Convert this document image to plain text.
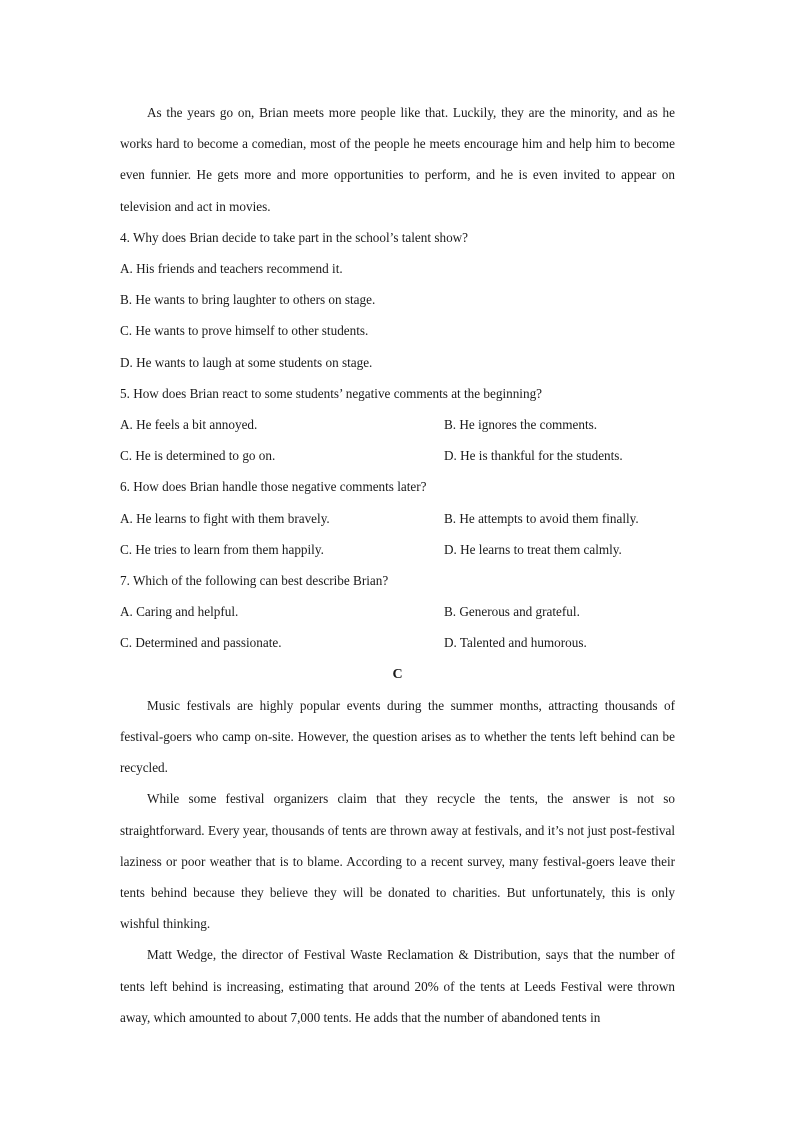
As the years go on, Brian meets more people like that. Luckily, they are the minority, and as he works hard to become a comedian, most of the people he meets encourage him and help him to become even funnier. He gets more and more opportunities to perform, and he is even invited to appear on television and act in movies.

4. Why does Brian decide to take part in the school’s talent show?

A. His friends and teachers recommend it.

B. He wants to bring laughter to others on stage.

C. He wants to prove himself to other students.

D. He wants to laugh at some students on stage.

5. How does Brian react to some students’ negative comments at the beginning?

A. He feels a bit annoyed.	B. He ignores the comments.
C. He is determined to go on.	D. He is thankful for the students.

6. How does Brian handle those negative comments later?

A. He learns to fight with them bravely.	B. He attempts to avoid them finally.
C. He tries to learn from them happily.	D. He learns to treat them calmly.

7. Which of the following can best describe Brian?

A. Caring and helpful.	B. Generous and grateful.
C. Determined and passionate.	D. Talented and humorous.

C

Music festivals are highly popular events during the summer months, attracting thousands of festival-goers who camp on-site. However, the question arises as to whether the tents left behind can be recycled.

While some festival organizers claim that they recycle the tents, the answer is not so straightforward. Every year, thousands of tents are thrown away at festivals, and it’s not just post-festival laziness or poor weather that is to blame. According to a recent survey, many festival-goers leave their tents behind because they believe they will be donated to charities. But unfortunately, this is only wishful thinking.

Matt Wedge, the director of Festival Waste Reclamation & Distribution, says that the number of tents left behind is increasing, estimating that around 20% of the tents at Leeds Festival were thrown away, which amounted to about 7,000 tents. He adds that the number of abandoned tents in
